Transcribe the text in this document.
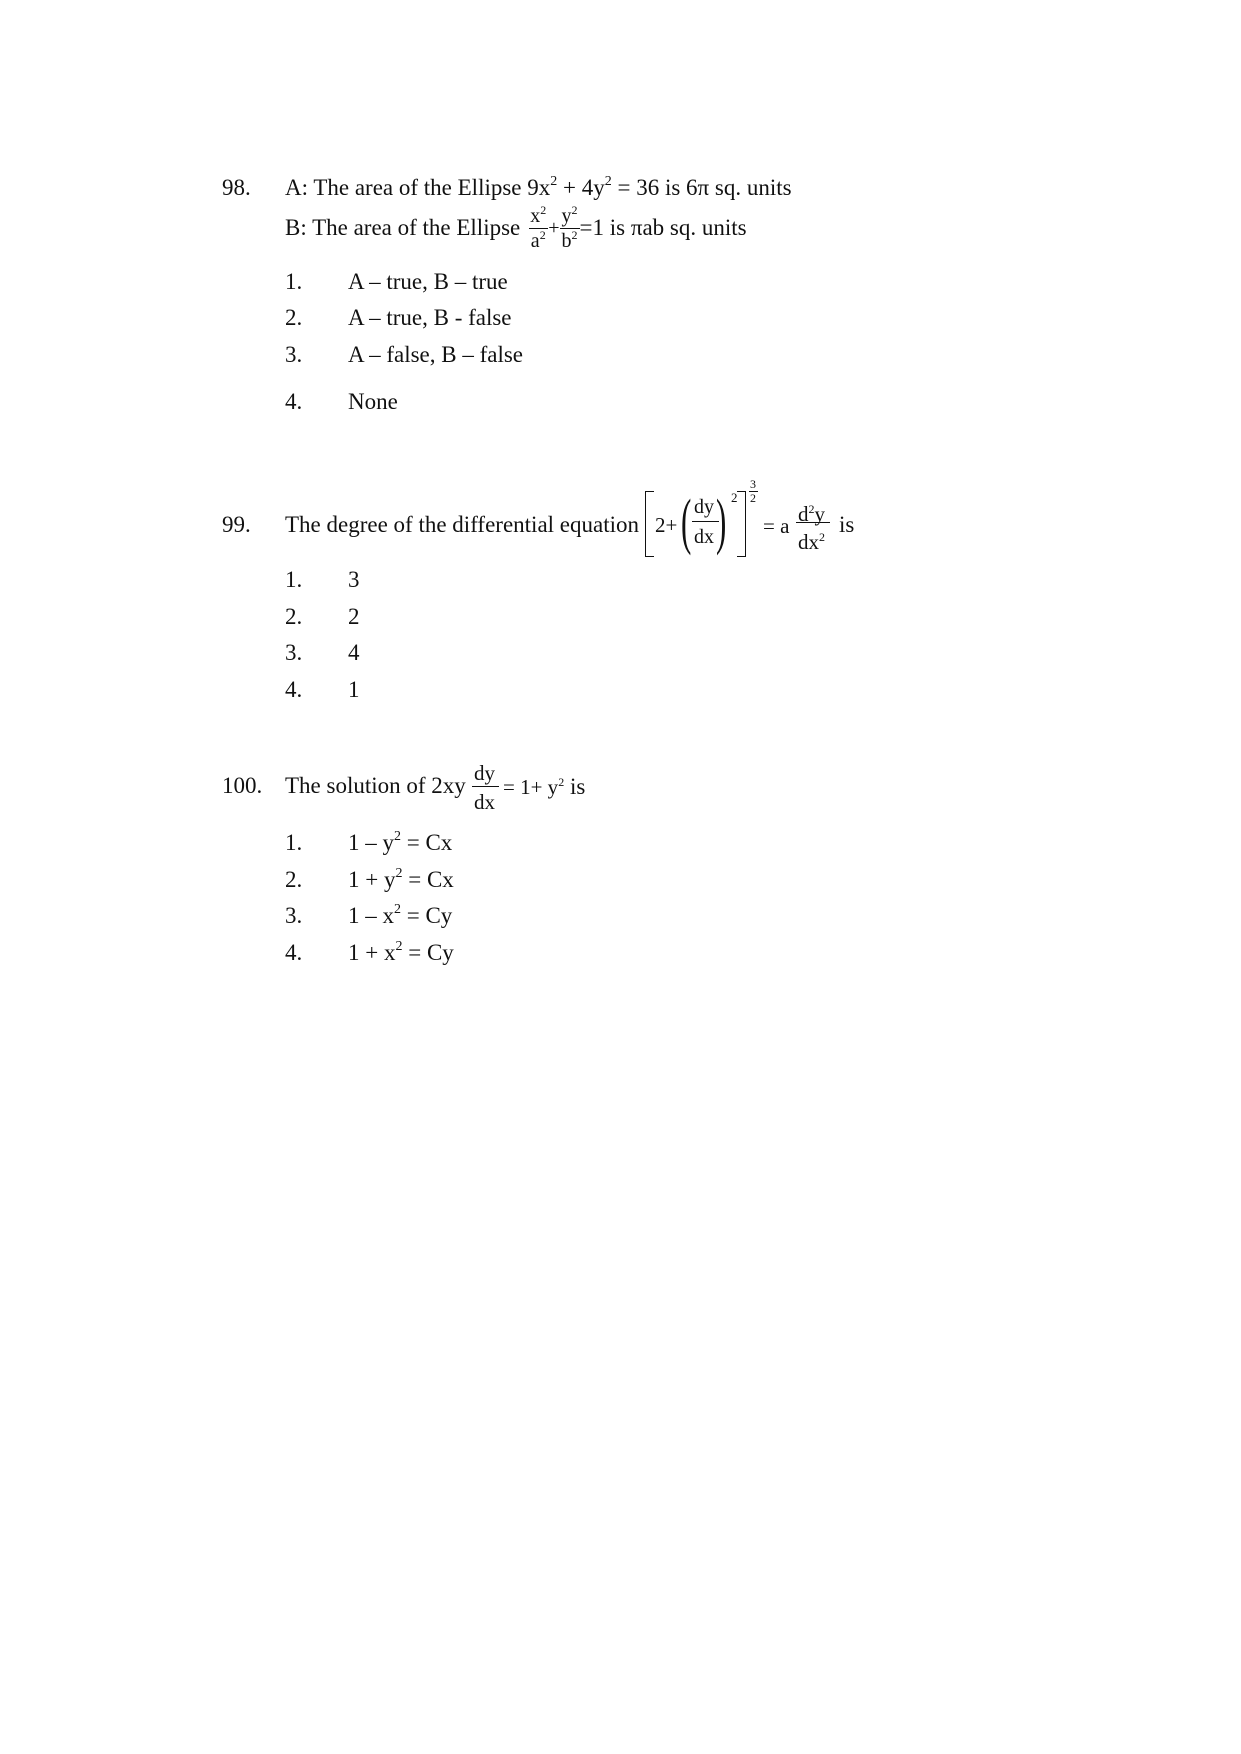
98. A: The area of the Ellipse $9x^2 + 4y^2 = 36$ is 6π sq. units
B: The area of the Ellipse $\frac{x^2}{a^2} + \frac{y^2}{b^2} =1$ is πab sq. units
1. A – true, B – true
2. A – true, B - false
3. A – false, B – false
4. None
99. The degree of the differential equation 2+ ( dy
dx ) 2
3
2
= a $d^2y$
$dx^2$ is
1. 3
2. 2
3. 4
4. 1
100. The solution of 2xy dy
dx
= $1+ y^2$ is
1. $1 - y^2 = Cx$
2. $1 + y^2 = Cx$
3. $1 - x^2 = Cy$
4. $1 + x^2 = Cy$
